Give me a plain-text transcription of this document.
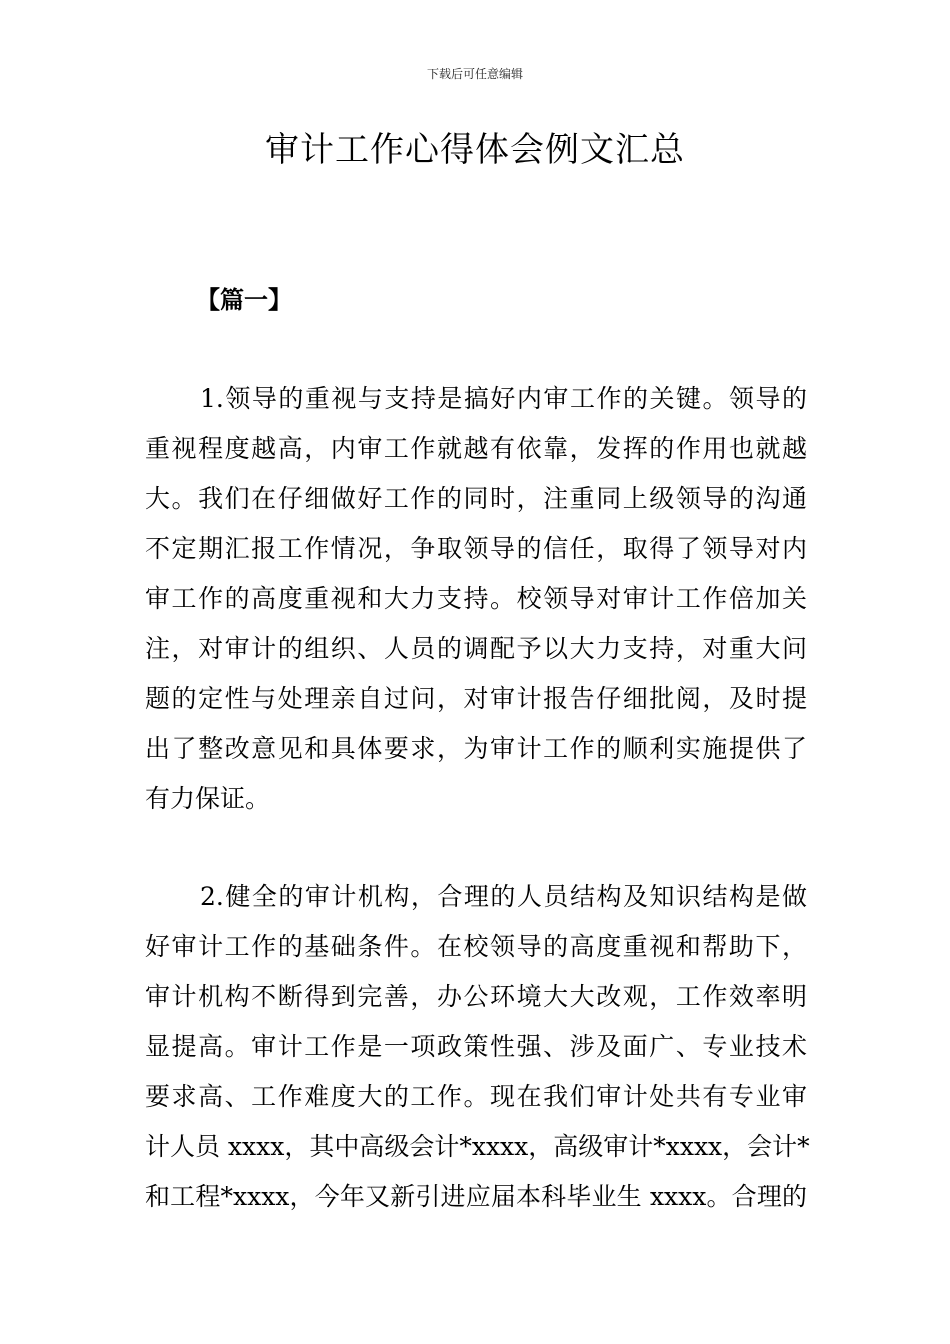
下载后可任意编辑
审计工作心得体会例文汇总
【篇一】
1.领导的重视与支持是搞好内审工作的关键。领导的
重视程度越高，内审工作就越有依靠，发挥的作用也就越
大。我们在仔细做好工作的同时，注重同上级领导的沟通
不定期汇报工作情况，争取领导的信任，取得了领导对内
审工作的高度重视和大力支持。校领导对审计工作倍加关
注，对审计的组织、人员的调配予以大力支持，对重大问
题的定性与处理亲自过问，对审计报告仔细批阅，及时提
出了整改意见和具体要求，为审计工作的顺利实施提供了
有力保证。
2.健全的审计机构，合理的人员结构及知识结构是做
好审计工作的基础条件。在校领导的高度重视和帮助下，
审计机构不断得到完善，办公环境大大改观，工作效率明
显提高。审计工作是一项政策性强、涉及面广、专业技术
要求高、工作难度大的工作。现在我们审计处共有专业审
计人员 xxxx，其中高级会计*xxxx，高级审计*xxxx，会计*
和工程*xxxx，今年又新引进应届本科毕业生 xxxx。合理的
